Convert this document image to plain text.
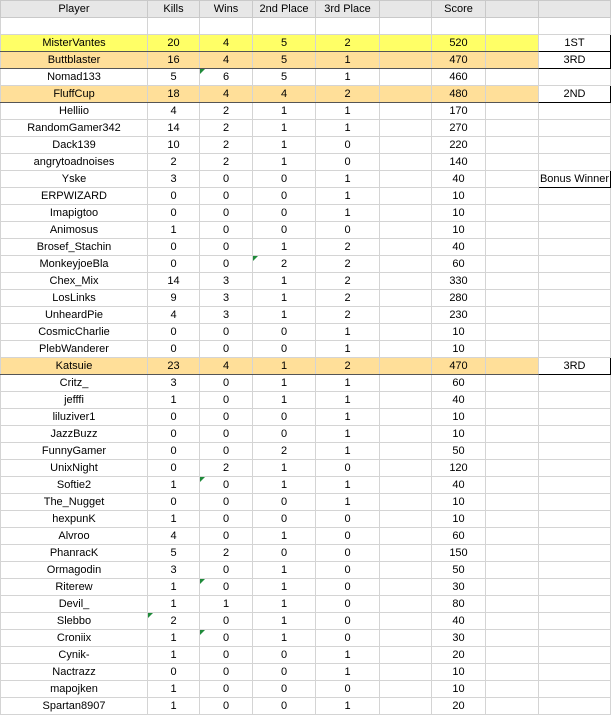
Player	Kills	Wins	2nd Place	3rd Place		Score		

MisterVantes	20	4	5	2		520		1ST
Buttblaster	16	4	5	1		470		3RD
Nomad133	5	6	5	1		460		
FluffCup	18	4	4	2		480		2ND
Helliio	4	2	1	1		170		
RandomGamer342	14	2	1	1		270		
Dack139	10	2	1	0		220		
angrytoadnoises	2	2	1	0		140		
Yske	3	0	0	1		40		Bonus Winner
ERPWIZARD	0	0	0	1		10		
Imapigtoo	0	0	0	1		10		
Animosus	1	0	0	0		10		
Brosef_Stachin	0	0	1	2		40		
MonkeyjoeBla	0	0	2	2		60		
Chex_Mix	14	3	1	2		330		
LosLinks	9	3	1	2		280		
UnheardPie	4	3	1	2		230		
CosmicCharlie	0	0	0	1		10		
PlebWanderer	0	0	0	1		10		
Katsuie	23	4	1	2		470		3RD
Critz_	3	0	1	1		60		
jefffi	1	0	1	1		40		
liluziver1	0	0	0	1		10		
JazzBuzz	0	0	0	1		10		
FunnyGamer	0	0	2	1		50		
UnixNight	0	2	1	0		120		
Softie2	1	0	1	1		40		
The_Nugget	0	0	0	1		10		
hexpunK	1	0	0	0		10		
Alvroo	4	0	1	0		60		
PhanracK	5	2	0	0		150		
Ormagodin	3	0	1	0		50		
Riterew	1	0	1	0		30		
Devil_	1	1	1	0		80		
Slebbo	2	0	1	0		40		
Croniix	1	0	1	0		30		
Cynik-	1	0	0	1		20		
Nactrazz	0	0	0	1		10		
mapojken	1	0	0	0		10		
Spartan8907	1	0	0	1		20		
